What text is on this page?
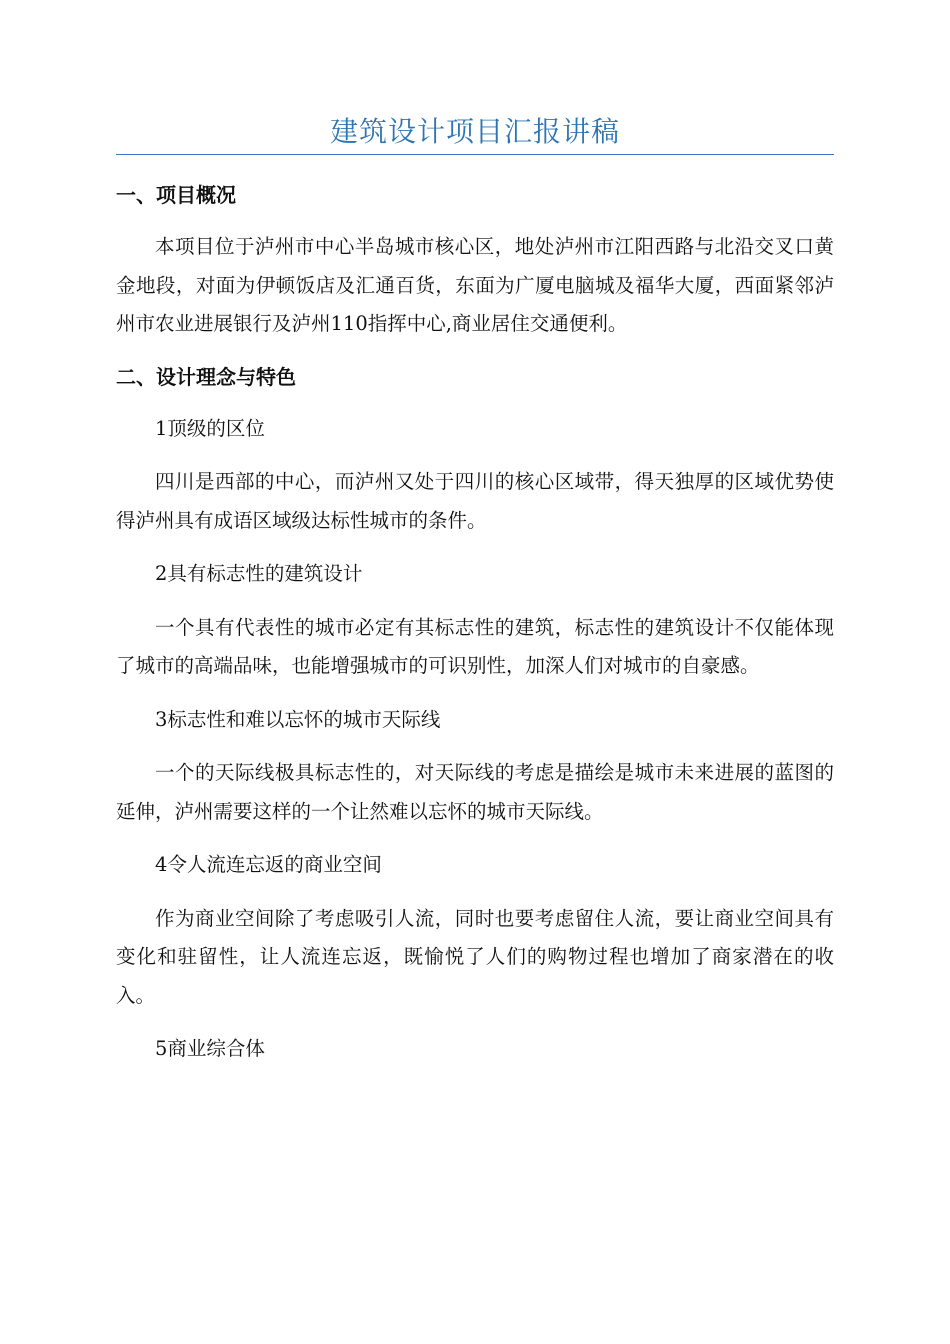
建筑设计项目汇报讲稿

一、项目概况

本项目位于泸州市中心半岛城市核心区，地处泸州市江阳西路与北沿交叉口黄金地段，对面为伊顿饭店及汇通百货，东面为广厦电脑城及福华大厦，西面紧邻泸州市农业进展银行及泸州110指挥中心,商业居住交通便利。

二、设计理念与特色

1顶级的区位

四川是西部的中心，而泸州又处于四川的核心区域带，得天独厚的区域优势使得泸州具有成语区域级达标性城市的条件。

2具有标志性的建筑设计

一个具有代表性的城市必定有其标志性的建筑，标志性的建筑设计不仅能体现了城市的高端品味，也能增强城市的可识别性，加深人们对城市的自豪感。

3标志性和难以忘怀的城市天际线

一个的天际线极具标志性的，对天际线的考虑是描绘是城市未来进展的蓝图的延伸，泸州需要这样的一个让然难以忘怀的城市天际线。

4令人流连忘返的商业空间

作为商业空间除了考虑吸引人流，同时也要考虑留住人流，要让商业空间具有变化和驻留性，让人流连忘返，既愉悦了人们的购物过程也增加了商家潜在的收入。

5商业综合体
